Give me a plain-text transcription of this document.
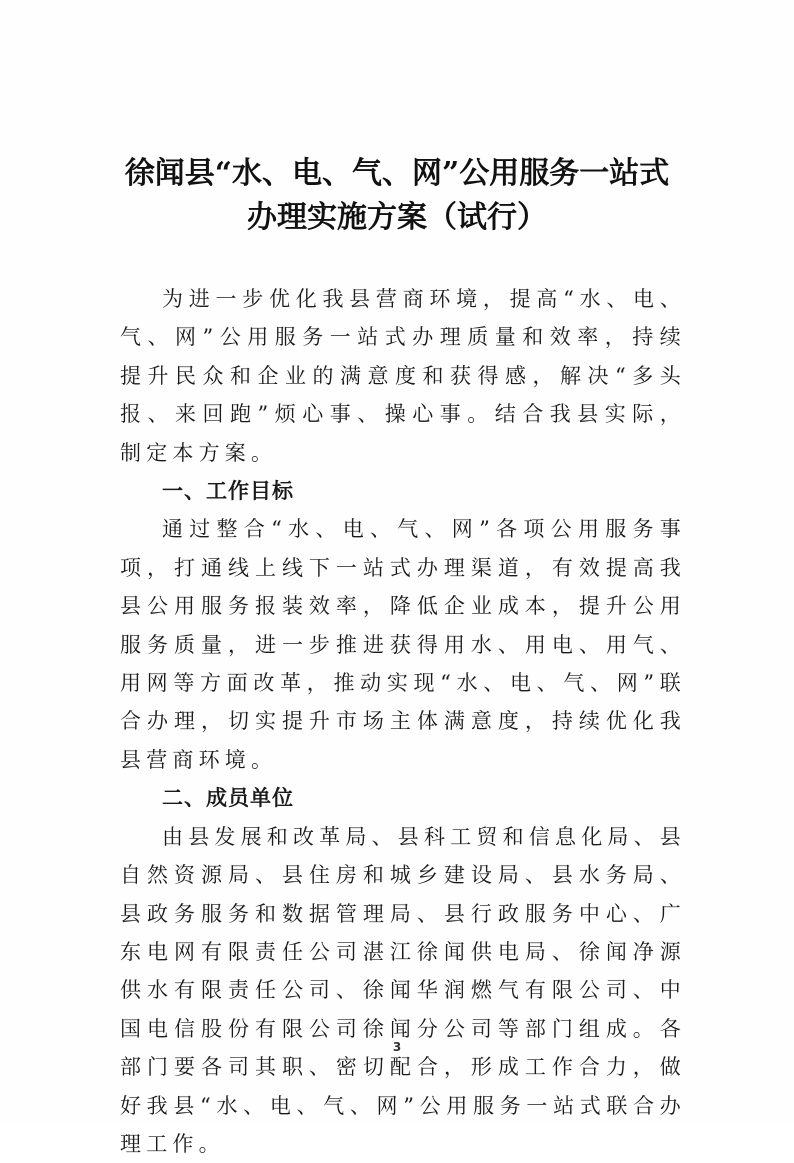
徐闻县“水、电、气、网”公用服务一站式
办理实施方案（试行）

为进一步优化我县营商环境，提高“水、电、气、网”公用服务一站式办理质量和效率，持续提升民众和企业的满意度和获得感，解决“多头报、来回跑”烦心事、操心事。结合我县实际，制定本方案。

一、工作目标

通过整合“水、电、气、网”各项公用服务事项，打通线上线下一站式办理渠道，有效提高我县公用服务报装效率，降低企业成本，提升公用服务质量，进一步推进获得用水、用电、用气、用网等方面改革，推动实现“水、电、气、网”联合办理，切实提升市场主体满意度，持续优化我县营商环境。

二、成员单位

由县发展和改革局、县科工贸和信息化局、县自然资源局、县住房和城乡建设局、县水务局、县政务服务和数据管理局、县行政服务中心、广东电网有限责任公司湛江徐闻供电局、徐闻净源供水有限责任公司、徐闻华润燃气有限公司、中国电信股份有限公司徐闻分公司等部门组成。各部门要各司其职、密切配合，形成工作合力，做好我县“水、电、气、网”公用服务一站式联合办理工作。

3
